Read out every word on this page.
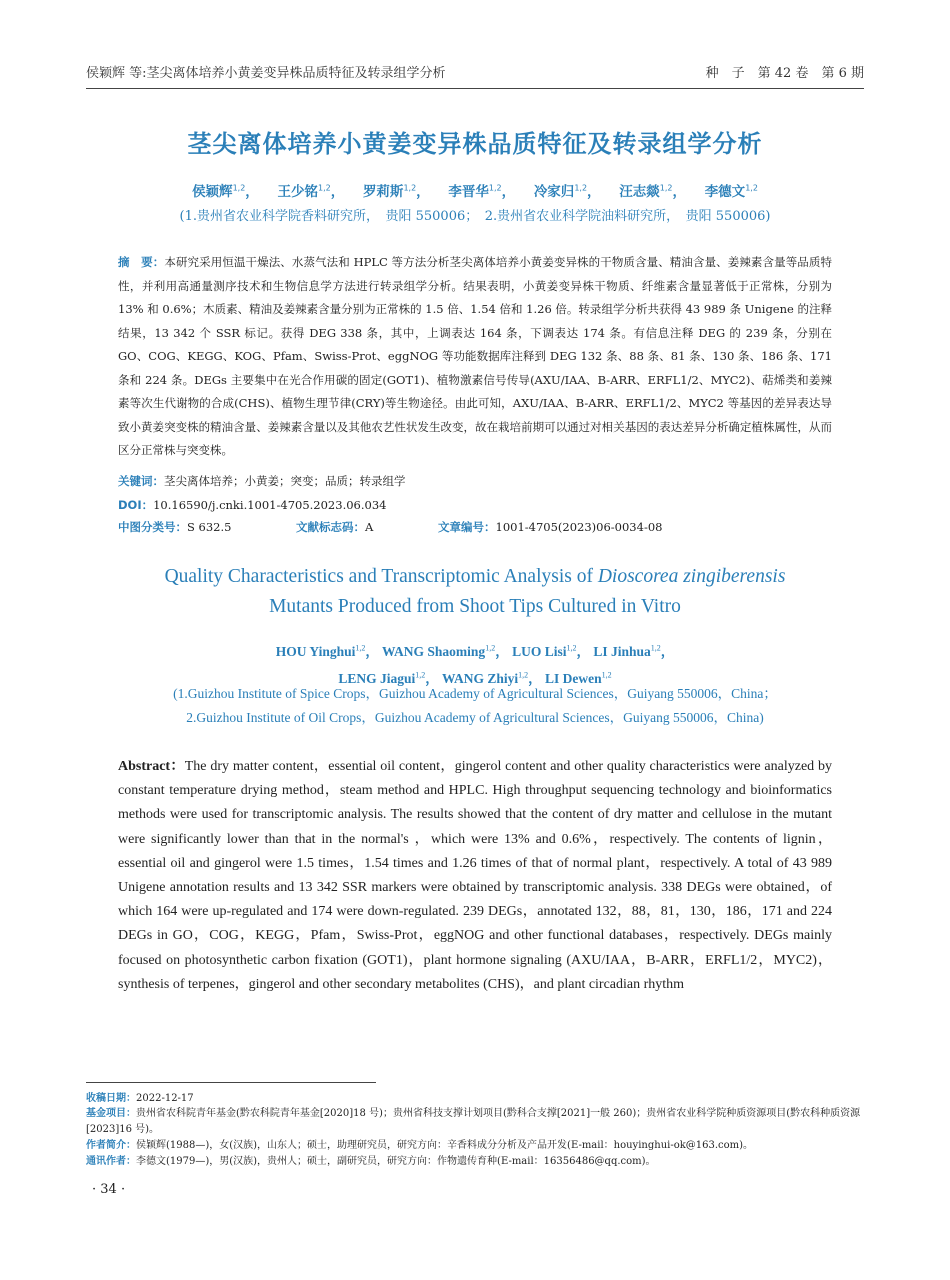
侯颖辉 等:茎尖离体培养小黄姜变异株品质特征及转录组学分析	种　子　第 42 卷　第 6 期
茎尖离体培养小黄姜变异株品质特征及转录组学分析
侯颖辉$^{1,2}$， 王少铭$^{1,2}$， 罗莉斯$^{1,2}$， 李晋华$^{1,2}$， 冷家归$^{1,2}$， 汪志燚$^{1,2}$， 李德文$^{1,2}$
(1.贵州省农业科学院香料研究所，　贵阳 550006；　2.贵州省农业科学院油料研究所，　贵阳 550006)
摘　要：本研究采用恒温干燥法、水蒸气法和 HPLC 等方法分析茎尖离体培养小黄姜变异株的干物质含量、精油含量、姜辣素含量等品质特性，并利用高通量测序技术和生物信息学方法进行转录组学分析。结果表明，小黄姜变异株干物质、纤维素含量显著低于正常株，分别为 13% 和 0.6%；木质素、精油及姜辣素含量分别为正常株的 1.5 倍、1.54 倍和 1.26 倍。转录组学分析共获得 43 989 条 Unigene 的注释结果，13 342 个 SSR 标记。获得 DEG 338 条，其中，上调表达 164 条，下调表达 174 条。有信息注释 DEG 的 239 条，分别在 GO、COG、KEGG、KOG、Pfam、Swiss-Prot、eggNOG 等功能数据库注释到 DEG 132 条、88 条、81 条、130 条、186 条、171 条和 224 条。DEGs 主要集中在光合作用碳的固定(GOT1)、植物激素信号传导(AXU/IAA、B-ARR、ERFL1/2、MYC2)、萜烯类和姜辣素等次生代谢物的合成(CHS)、植物生理节律(CRY)等生物途径。由此可知，AXU/IAA、B-ARR、ERFL1/2、MYC2 等基因的差异表达导致小黄姜突变株的精油含量、姜辣素含量以及其他农艺性状发生改变，故在栽培前期可以通过对相关基因的表达差异分析确定植株属性，从而区分正常株与突变株。
关键词：茎尖离体培养；小黄姜；突变；品质；转录组学
DOI：10.16590/j.cnki.1001-4705.2023.06.034
中图分类号：S 632.5	文献标志码：A	文章编号：1001-4705(2023)06-0034-08
Quality Characteristics and Transcriptomic Analysis of Dioscorea zingiberensis
Mutants Produced from Shoot Tips Cultured in Vitro
HOU Yinghui$^{1,2}$， WANG Shaoming$^{1,2}$， LUO Lisi$^{1,2}$， LI Jinhua$^{1,2}$，
LENG Jiagui$^{1,2}$， WANG Zhiyi$^{1,2}$， LI Dewen$^{1,2}$
(1.Guizhou Institute of Spice Crops，Guizhou Academy of Agricultural Sciences，Guiyang 550006，China；
2.Guizhou Institute of Oil Crops，Guizhou Academy of Agricultural Sciences，Guiyang 550006，China)
Abstract：The dry matter content，essential oil content，gingerol content and other quality characteristics were analyzed by constant temperature drying method，steam method and HPLC. High throughput sequencing technology and bioinformatics methods were used for transcriptomic analysis. The results showed that the content of dry matter and cellulose in the mutant were significantly lower than that in the normal's ，which were 13% and 0.6%，respectively. The contents of lignin，essential oil and gingerol were 1.5 times，1.54 times and 1.26 times of that of normal plant，respectively. A total of 43 989 Unigene annotation results and 13 342 SSR markers were obtained by transcriptomic analysis. 338 DEGs were obtained，of which 164 were up-regulated and 174 were down-regulated. 239 DEGs，annotated 132，88，81，130，186，171 and 224 DEGs in GO，COG，KEGG，Pfam，Swiss-Prot，eggNOG and other functional databases，respectively. DEGs mainly focused on photosynthetic carbon fixation (GOT1)，plant hormone signaling (AXU/IAA，B-ARR，ERFL1/2，MYC2)，synthesis of terpenes，gingerol and other secondary metabolites (CHS)，and plant circadian rhythm
收稿日期：2022-12-17
基金项目：贵州省农科院青年基金(黔农科院青年基金[2020]18 号)；贵州省科技支撑计划项目(黔科合支撑[2021]一般 260)；贵州省农业科学院种质资源项目(黔农科种质资源[2023]16 号)。
作者简介：侯颖辉(1988—)，女(汉族)，山东人；硕士，助理研究员，研究方向：辛香料成分分析及产品开发(E-mail：houyinghui-ok@163.com)。
通讯作者：李德文(1979—)，男(汉族)，贵州人；硕士，副研究员，研究方向：作物遗传育种(E-mail：16356486@qq.com)。
· 34 ·
